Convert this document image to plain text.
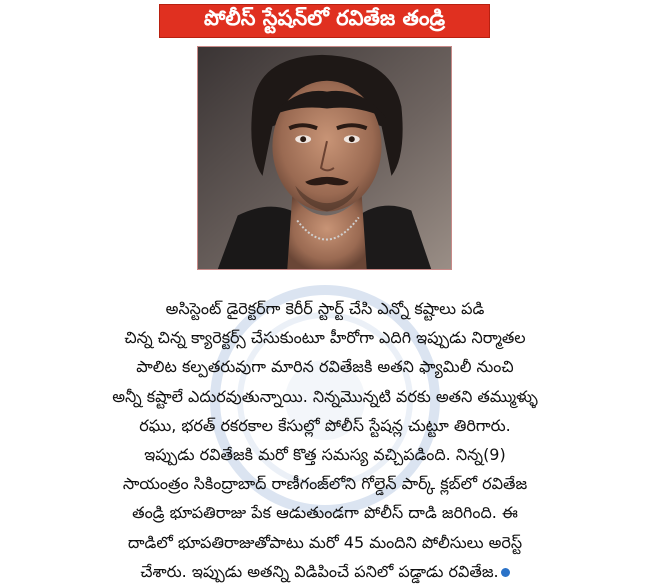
పోలీస్ స్టేషన్‌లో రవితేజ తండ్రి
అసిస్టెంట్ డైరెక్టర్‌గా కెరీర్ స్టార్ట్ చేసి ఎన్నో కష్టాలు పడి
చిన్న చిన్న క్యారెక్టర్స్ చేసుకుంటూ హీరోగా ఎదిగి ఇప్పుడు నిర్మాతల
పాలిట కల్పతరువుగా మారిన రవితేజకి అతని ఫ్యామిలీ నుంచి
అన్నీ కష్టాలే ఎదురవుతున్నాయి. నిన్నమొన్నటి వరకు అతని తమ్ముళ్ళు
రఘు, భరత్ రకరకాల కేసుల్లో పోలీస్ స్టేషన్ల చుట్టూ తిరిగారు.
ఇప్పుడు రవితేజకి మరో కొత్త సమస్య వచ్చిపడింది. నిన్న(9)
సాయంత్రం సికింద్రాబాద్ రాణీగంజ్‌లోని గోల్డెన్ పార్క్ క్లబ్‌లో రవితేజ
తండ్రి భూపతిరాజు పేక ఆడుతుండగా పోలీస్ దాడి జరిగింది. ఈ
దాడిలో భూపతిరాజుతోపాటు మరో 45 మందిని పోలీసులు అరెస్ట్
చేశారు. ఇప్పుడు అతన్ని విడిపించే పనిలో పడ్డాడు రవితేజ.
